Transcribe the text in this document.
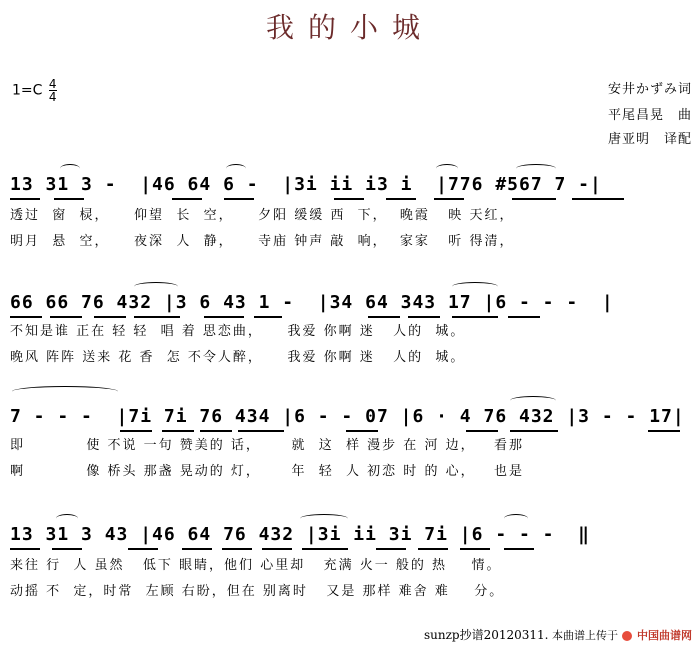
我的小城
$1=C \frac{4}{4}$	安井かずみ词
平尾昌晃　曲
唐亚明　译配
13 31 3 -  |46 64 6 -  |3i ii i3 i  |776 #567 7 -|
透过  窗  棂，    仰望  长  空，    夕阳 缓缓 西  下，  晚霞   映 天红，
明月  悬  空，    夜深  人  静，    寺庙 钟声 敲  响，  家家   听 得清，
66 66 76 432 |3 6 43 1 -  |34 64 343 17 |6 - - -  |
不知是谁 正在 轻 轻  唱 着 思恋曲，    我爱 你啊 迷   人的  城。
晚风 阵阵 送来 花 香  怎 不令人醉，    我爱 你啊 迷   人的  城。
7 - - -  |7i 7i 76 434 |6 - - 07 |6 · 4 76 432 |3 - - 17|
即          使 不说 一句 赞美的 话，     就  这  样 漫步 在 河 边，   看那
啊          像 桥头 那盏 晃动的 灯，     年  轻  人 初恋 时 的 心，   也是
13 31 3 43 |46 64 76 432 |3i ii 3i 7i |6 - - -  ‖
来往 行  人 虽然   低下 眼睛，他们 心里却   充满 火一 般的 热    情。
动摇 不  定，时常  左顾 右盼，但在 别离时   又是 那样 难舍 难    分。
sunzp抄谱20120311. 本曲谱上传于 中国曲谱网
